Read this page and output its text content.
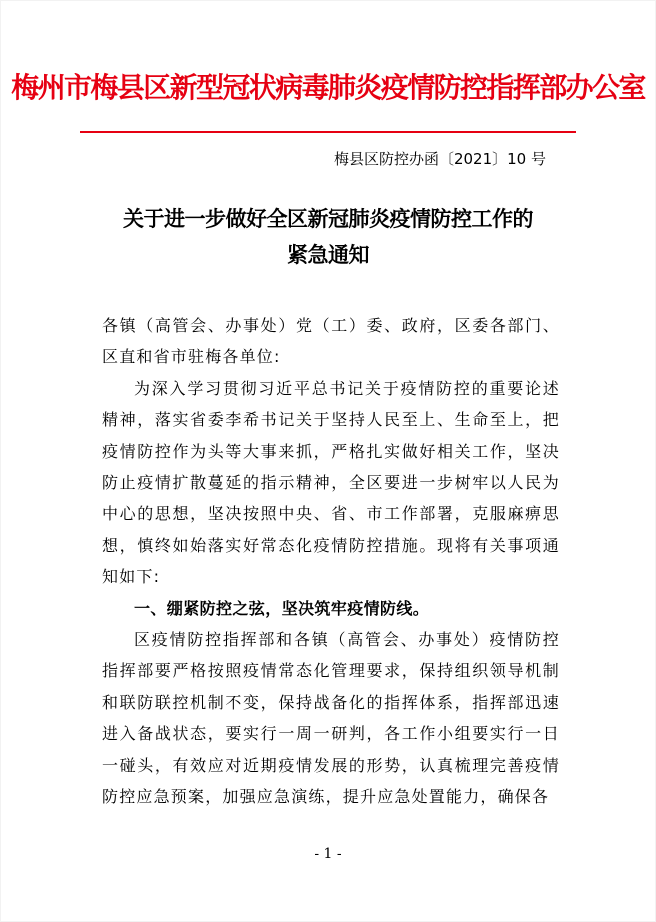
梅州市梅县区新型冠状病毒肺炎疫情防控指挥部办公室
梅县区防控办函〔2021〕10 号
关于进一步做好全区新冠肺炎疫情防控工作的
紧急通知

各镇（高管会、办事处）党（工）委、政府，区委各部门、区直和省市驻梅各单位:

为深入学习贯彻习近平总书记关于疫情防控的重要论述精神，落实省委李希书记关于坚持人民至上、生命至上，把疫情防控作为头等大事来抓，严格扎实做好相关工作，坚决防止疫情扩散蔓延的指示精神，全区要进一步树牢以人民为中心的思想，坚决按照中央、省、市工作部署，克服麻痹思想，慎终如始落实好常态化疫情防控措施。现将有关事项通知如下:

一、绷紧防控之弦，坚决筑牢疫情防线。

区疫情防控指挥部和各镇（高管会、办事处）疫情防控指挥部要严格按照疫情常态化管理要求，保持组织领导机制和联防联控机制不变，保持战备化的指挥体系，指挥部迅速进入备战状态，要实行一周一研判，各工作小组要实行一日一碰头，有效应对近期疫情发展的形势，认真梳理完善疫情防控应急预案，加强应急演练，提升应急处置能力，确保各

- 1 -
